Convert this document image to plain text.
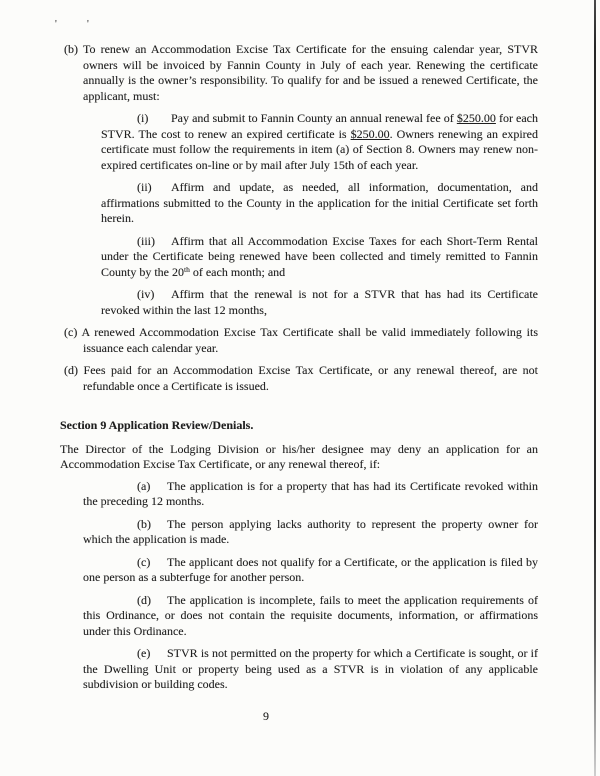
'	'

(b) To renew an Accommodation Excise Tax Certificate for the ensuing calendar year, STVR owners will be invoiced by Fannin County in July of each year. Renewing the certificate annually is the owner’s responsibility. To qualify for and be issued a renewed Certificate, the applicant, must:

(i) Pay and submit to Fannin County an annual renewal fee of $250.00 for each STVR. The cost to renew an expired certificate is $250.00. Owners renewing an expired certificate must follow the requirements in item (a) of Section 8. Owners may renew non-expired certificates on-line or by mail after July 15th of each year.

(ii) Affirm and update, as needed, all information, documentation, and affirmations submitted to the County in the application for the initial Certificate set forth herein.

(iii) Affirm that all Accommodation Excise Taxes for each Short-Term Rental under the Certificate being renewed have been collected and timely remitted to Fannin County by the 20th of each month; and

(iv) Affirm that the renewal is not for a STVR that has had its Certificate revoked within the last 12 months,

(c) A renewed Accommodation Excise Tax Certificate shall be valid immediately following its issuance each calendar year.

(d) Fees paid for an Accommodation Excise Tax Certificate, or any renewal thereof, are not refundable once a Certificate is issued.

Section 9 Application Review/Denials.

The Director of the Lodging Division or his/her designee may deny an application for an Accommodation Excise Tax Certificate, or any renewal thereof, if:

(a) The application is for a property that has had its Certificate revoked within the preceding 12 months.

(b) The person applying lacks authority to represent the property owner for which the application is made.

(c) The applicant does not qualify for a Certificate, or the application is filed by one person as a subterfuge for another person.

(d) The application is incomplete, fails to meet the application requirements of this Ordinance, or does not contain the requisite documents, information, or affirmations under this Ordinance.

(e) STVR is not permitted on the property for which a Certificate is sought, or if the Dwelling Unit or property being used as a STVR is in violation of any applicable subdivision or building codes.

9
